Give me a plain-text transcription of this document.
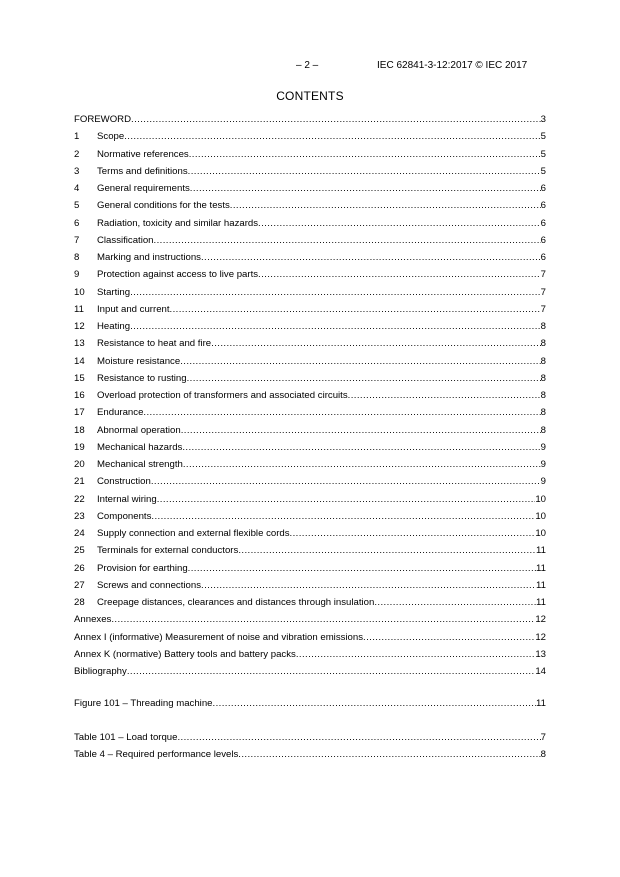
– 2 –	IEC 62841-3-12:2017 © IEC 2017
CONTENTS
FOREWORD .....	3
1	Scope .....	5
2	Normative references .....	5
3	Terms and definitions .....	5
4	General requirements .....	6
5	General conditions for the tests .....	6
6	Radiation, toxicity and similar hazards .....	6
7	Classification .....	6
8	Marking and instructions .....	6
9	Protection against access to live parts .....	7
10	Starting .....	7
11	Input and current .....	7
12	Heating .....	8
13	Resistance to heat and fire .....	8
14	Moisture resistance .....	8
15	Resistance to rusting .....	8
16	Overload protection of transformers and associated circuits .....	8
17	Endurance .....	8
18	Abnormal operation .....	8
19	Mechanical hazards .....	9
20	Mechanical strength .....	9
21	Construction .....	9
22	Internal wiring .....	10
23	Components .....	10
24	Supply connection and external flexible cords .....	10
25	Terminals for external conductors .....	11
26	Provision for earthing .....	11
27	Screws and connections .....	11
28	Creepage distances, clearances and distances through insulation .....	11
Annexes .....	12
Annex I (informative) Measurement of noise and vibration emissions .....	12
Annex K (normative) Battery tools and battery packs .....	13
Bibliography .....	14
Figure 101 – Threading machine .....	11
Table 101 – Load torque .....	7
Table 4 – Required performance levels .....	8
